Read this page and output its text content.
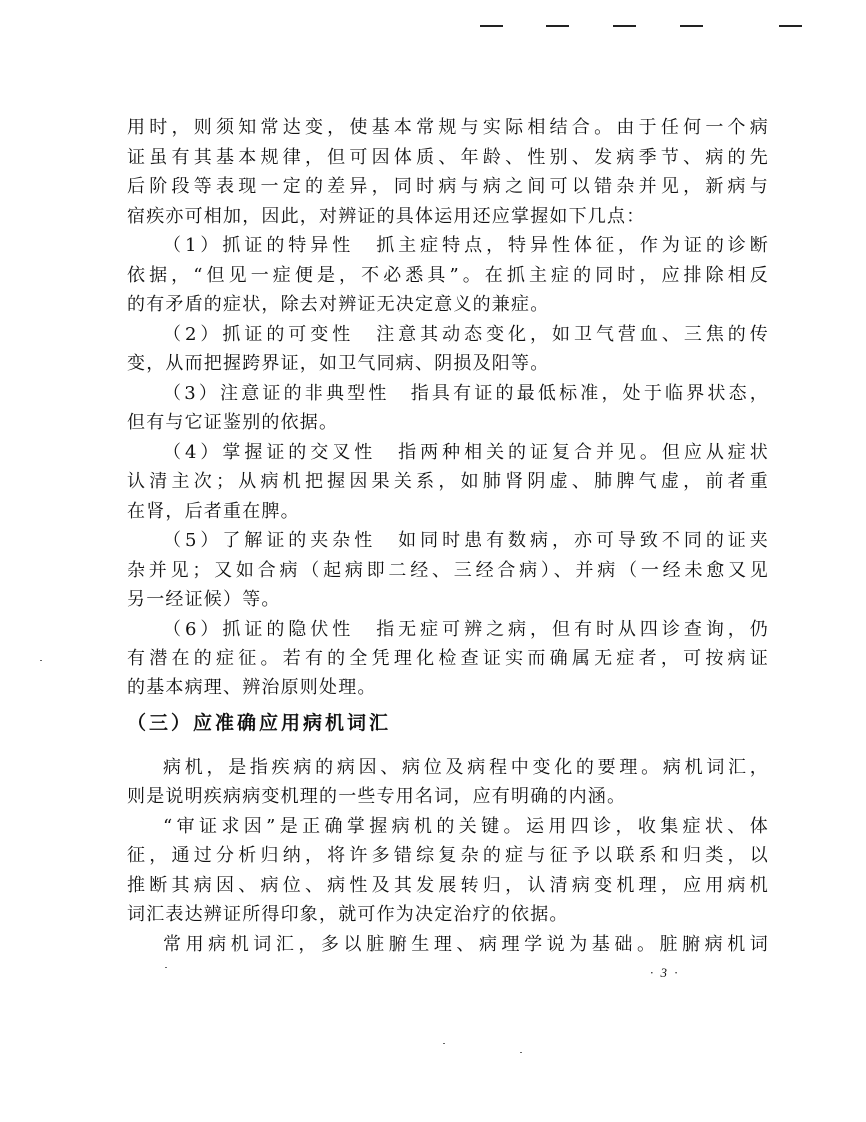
用时，则须知常达变，使基本常规与实际相结合。由于任何一个病
证虽有其基本规律，但可因体质、年龄、性别、发病季节、病的先
后阶段等表现一定的差异，同时病与病之间可以错杂并见，新病与
宿疾亦可相加，因此，对辨证的具体运用还应掌握如下几点：
（1）抓证的特异性　抓主症特点，特异性体征，作为证的诊断
依据，“但见一症便是，不必悉具”。在抓主症的同时，应排除相反
的有矛盾的症状，除去对辨证无决定意义的兼症。
（2）抓证的可变性　注意其动态变化，如卫气营血、三焦的传
变，从而把握跨界证，如卫气同病、阴损及阳等。
（3）注意证的非典型性　指具有证的最低标准，处于临界状态，
但有与它证鉴别的依据。
（4）掌握证的交叉性　指两种相关的证复合并见。但应从症状
认清主次；从病机把握因果关系，如肺肾阴虚、肺脾气虚，前者重
在肾，后者重在脾。
（5）了解证的夹杂性　如同时患有数病，亦可导致不同的证夹
杂并见；又如合病（起病即二经、三经合病）、并病（一经未愈又见
另一经证候）等。
（6）抓证的隐伏性　指无症可辨之病，但有时从四诊查询，仍
有潜在的症征。若有的全凭理化检查证实而确属无症者，可按病证
的基本病理、辨治原则处理。
（三）应准确应用病机词汇
病机，是指疾病的病因、病位及病程中变化的要理。病机词汇，
则是说明疾病病变机理的一些专用名词，应有明确的内涵。
“审证求因”是正确掌握病机的关键。运用四诊，收集症状、体
征，通过分析归纳，将许多错综复杂的症与征予以联系和归类，以
推断其病因、病位、病性及其发展转归，认清病变机理，应用病机
词汇表达辨证所得印象，就可作为决定治疗的依据。
常用病机词汇，多以脏腑生理、病理学说为基础。脏腑病机词
· 3 ·
